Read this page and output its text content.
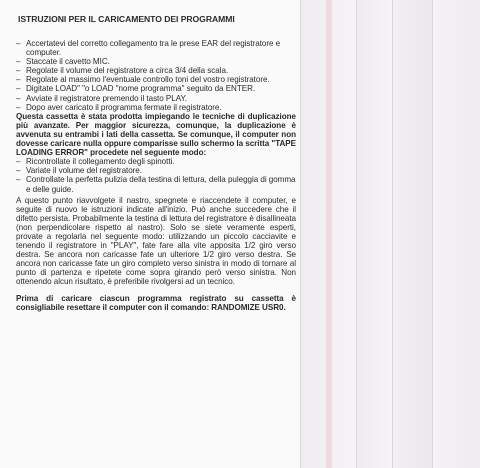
ISTRUZIONI PER IL CARICAMENTO DEI PROGRAMMI
– Accertatevi del corretto collegamento tra le prese EAR del registratore e computer.
– Staccate il cavetto MIC.
– Regolate il volume del registratore a circa 3/4 della scala.
– Regolate al massimo l'eventuale controllo toni del vostro registratore.
– Digitate LOAD" "o LOAD "nome programma" seguito da ENTER.
– Avviate il registratore premendo il tasto PLAY.
– Dopo aver caricato il programma fermate il registratore.
Questa cassetta è stata prodotta impiegando le tecniche di duplicazione più avanzate. Per maggior sicurezza, comunque, la duplicazione è avvenuta su entrambi i lati della cassetta. Se comunque, il computer non dovesse caricare nulla oppure comparisse sullo schermo la scritta "TAPE LOADING ERROR" procedete nel seguente modo:
– Ricontrollate il collegamento degli spinotti.
– Variate il volume del registratore.
– Controllate la perfetta pulizia della testina di lettura, della puleggia di gomma e delle guide.
A questo punto riavvolgete il nastro, spegnete e riaccendete il computer, e seguite di nuovo le istruzioni indicate all'inizio. Può anche succedere che il difetto persista. Probabilmente la testina di lettura del registratore è disallineata (non perpendicolare rispetto al nastro). Solo se siete veramente esperti, provate a regolarla nel seguente modo: utilizzando un piccolo cacciavite e tenendo il registratore in "PLAY", fate fare alla vite apposita 1/2 giro verso destra. Se ancora non caricasse fate un ulteriore 1/2 giro verso destra. Se ancora non caricasse fate un giro completo verso sinistra in modo di tornare al punto di partenza e ripetete come sopra girando però verso sinistra. Non ottenendo alcun risultato, è preferibile rivolgersi ad un tecnico.
Prima di caricare ciascun programma registrato su cassetta è consigliabile resettare il computer con il comando: RANDOMIZE USR0.
